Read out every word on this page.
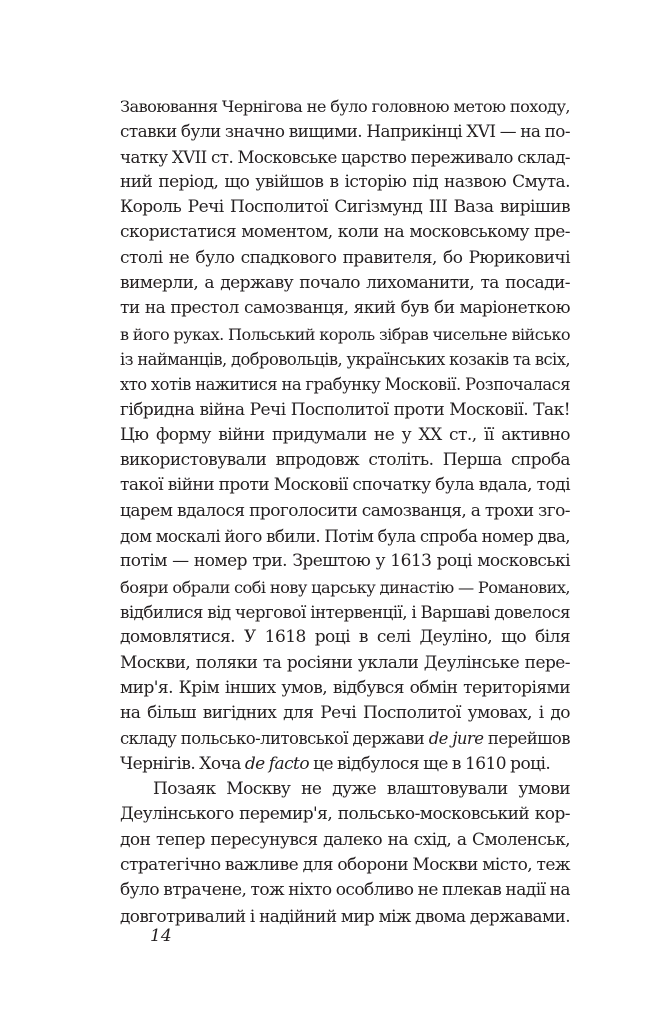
Завоювання Чернігова не було головною метою походу,
ставки були значно вищими. Наприкінці XVI — на по-
чатку XVII ст. Московське царство переживало склад-
ний період, що увійшов в історію під назвою Смута.
Король Речі Посполитої Сигізмунд III Ваза вирішив
скористатися моментом, коли на московському пре-
столі не було спадкового правителя, бо Рюриковичі
вимерли, а державу почало лихоманити, та посади-
ти на престол самозванця, який був би маріонеткою
в його руках. Польський король зібрав чисельне військо
із найманців, добровольців, українських козаків та всіх,
хто хотів нажитися на грабунку Московії. Розпочалася
гібридна війна Речі Посполитої проти Московії. Так!
Цю форму війни придумали не у XX ст., її активно
використовували впродовж століть. Перша спроба
такої війни проти Московії спочатку була вдала, тоді
царем вдалося проголосити самозванця, а трохи зго-
дом москалі його вбили. Потім була спроба номер два,
потім — номер три. Зрештою у 1613 році московські
бояри обрали собі нову царську династію — Романових,
відбилися від чергової інтервенції, і Варшаві довелося
домовлятися. У 1618 році в селі Деуліно, що біля
Москви, поляки та росіяни уклали Деулінське пере-
мир'я. Крім інших умов, відбувся обмін територіями
на більш вигідних для Речі Посполитої умовах, і до
складу польсько-литовської держави de jure перейшов
Чернігів. Хоча de facto це відбулося ще в 1610 році.

Позаяк Москву не дуже влаштовували умови
Деулінського перемир'я, польсько-московський кор-
дон тепер пересунувся далеко на схід, а Смоленськ,
стратегічно важливе для оборони Москви місто, теж
було втрачене, тож ніхто особливо не плекав надії на
довготривалий і надійний мир між двома державами.

14
